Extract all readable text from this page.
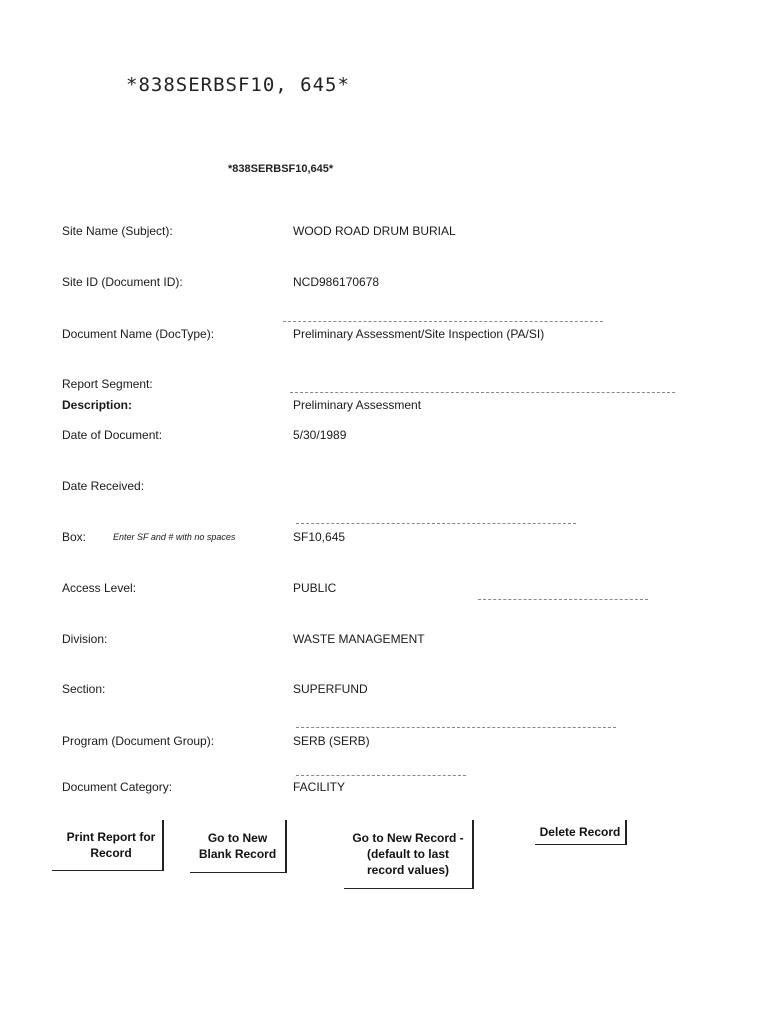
*838SERBSF10, 645*
*838SERBSF10,645*
Site Name (Subject):	WOOD ROAD DRUM BURIAL
Site ID (Document ID):	NCD986170678
Document Name (DocType):	Preliminary Assessment/Site Inspection (PA/SI)
Report Segment:
Description:	Preliminary Assessment
Date of Document:	5/30/1989
Date Received:
Box:	Enter SF and # with no spaces	SF10,645
Access Level:	PUBLIC
Division:	WASTE MANAGEMENT
Section:	SUPERFUND
Program (Document Group):	SERB (SERB)
Document Category:	FACILITY
Print Report for
Record
Go to New
Blank Record
Go to New Record -
(default to last
record values)
Delete Record
